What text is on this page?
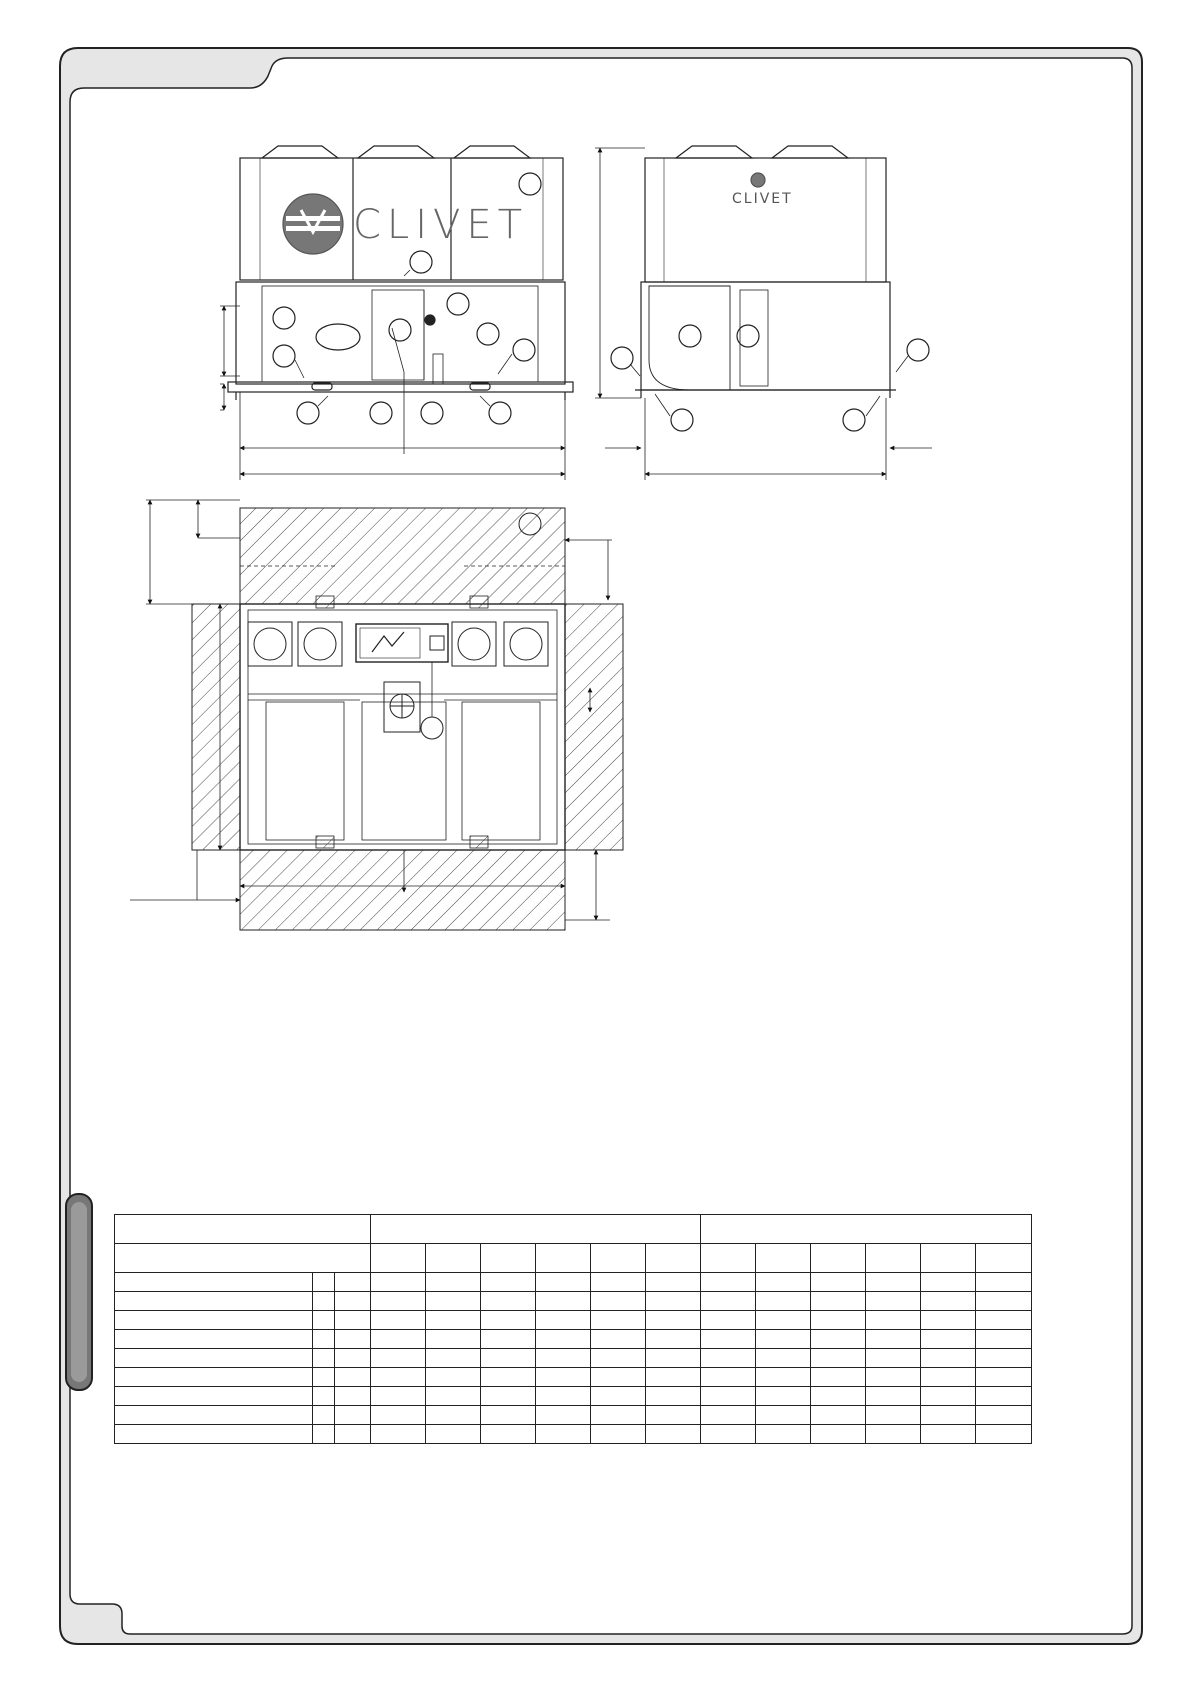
CLIVET
CLIVET
